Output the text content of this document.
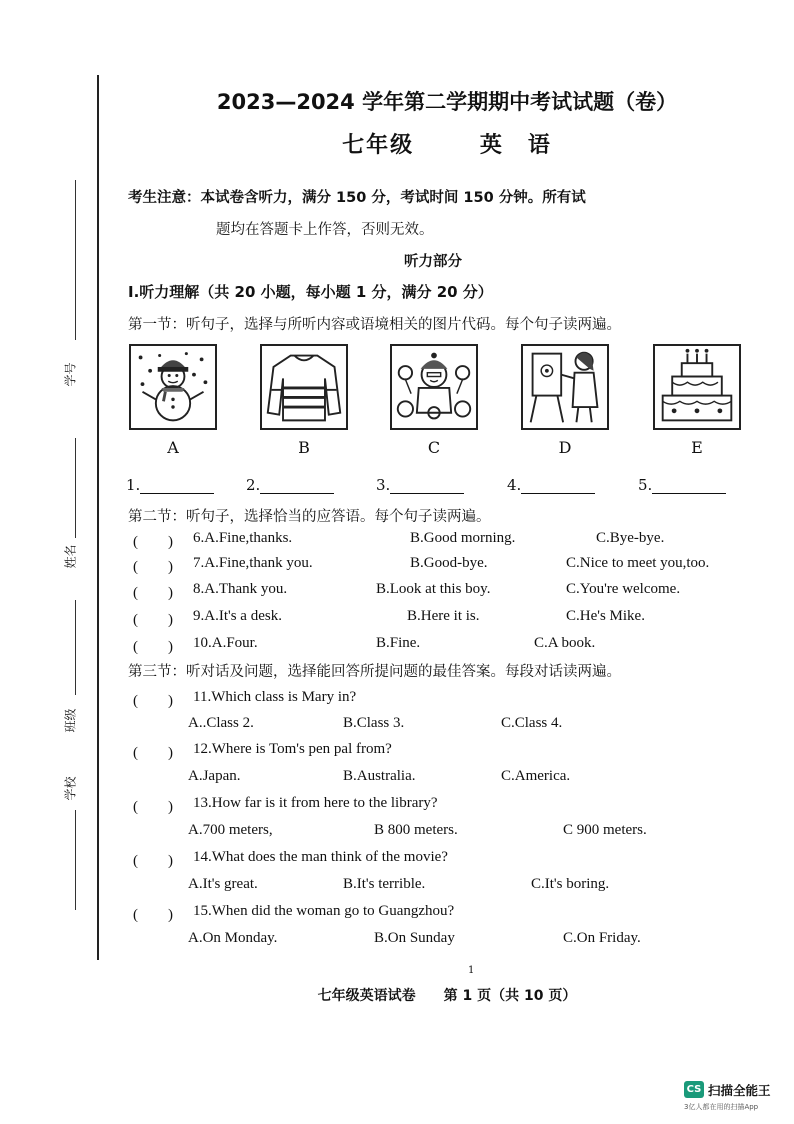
学号
姓名
班级
学校
2023—2024 学年第二学期期中考试试题（卷）
七年级	英　语
考生注意：本试卷含听力，满分 150 分，考试时间 150 分钟。所有试
题均在答题卡上作答，否则无效。
听力部分
Ⅰ.听力理解（共 20 小题，每小题 1 分，满分 20 分）
第一节：听句子，选择与所听内容或语境相关的图片代码。每个句子读两遍。
A	B	C	D	E
1.	2.	3.	4.	5.
第二节：听句子，选择恰当的应答语。每个句子读两遍。
(　　) 6.A.Fine,thanks.	B.Good morning.	C.Bye-bye.
(　　) 7.A.Fine,thank you.	B.Good-bye.	C.Nice to meet you,too.
(　　) 8.A.Thank you.	B.Look at this boy.	C.You're welcome.
(　　) 9.A.It's a desk.	B.Here it is.	C.He's Mike.
(　　) 10.A.Four.	B.Fine.	C.A book.
第三节：听对话及问题，选择能回答所提问题的最佳答案。每段对话读两遍。
(　　) 11.Which class is Mary in?
A..Class 2.	B.Class 3.	C.Class 4.
(　　) 12.Where is Tom's pen pal from?
A.Japan.	B.Australia.	C.America.
(　　) 13.How far is it from here to the library?
A.700 meters,	B 800 meters.	C 900 meters.
(　　) 14.What does the man think of the movie?
A.It's great.	B.It's terrible.	C.It's boring.
(　　) 15.When did the woman go to Guangzhou?
A.On Monday.	B.On Sunday	C.On Friday.
1
七年级英语试卷　　第 1 页（共 10 页）
CS 扫描全能王
3亿人都在用的扫描App
